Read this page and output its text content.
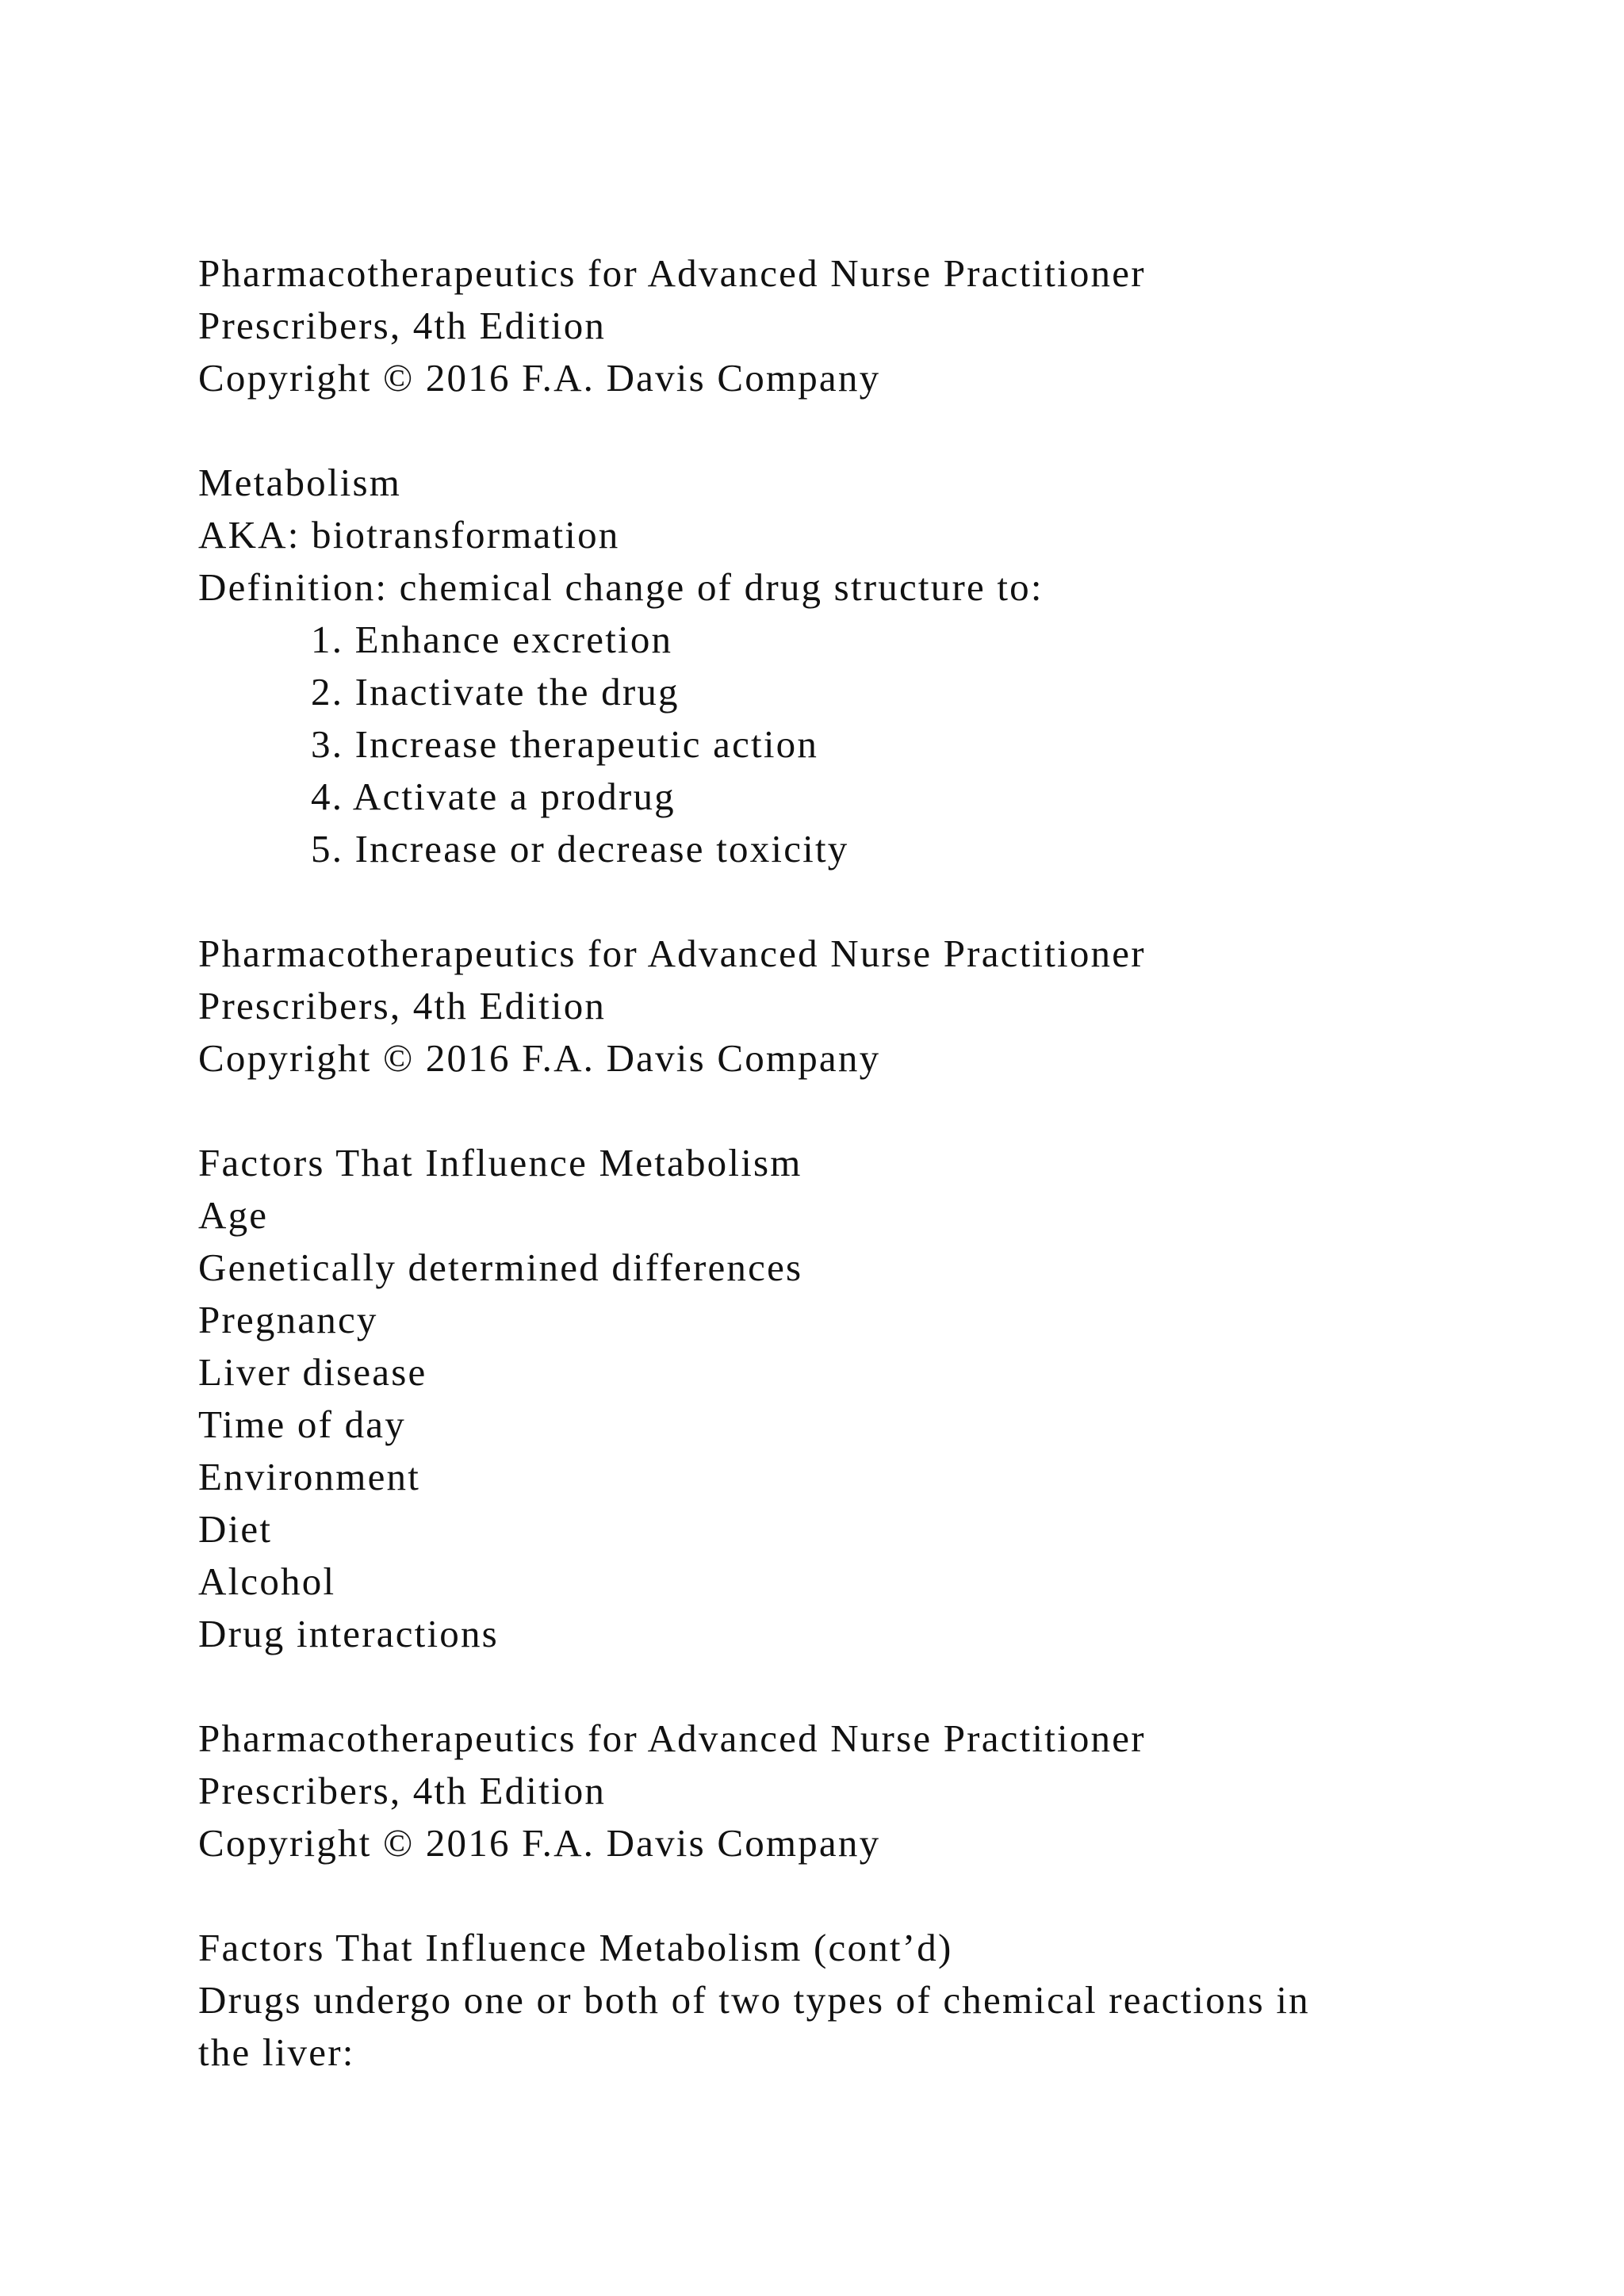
Pharmacotherapeutics for Advanced Nurse Practitioner
Prescribers, 4th Edition
Copyright © 2016 F.A. Davis Company
Metabolism
AKA: biotransformation
Definition: chemical change of drug structure to:
1. Enhance excretion
2. Inactivate the drug
3. Increase therapeutic action
4. Activate a prodrug
5. Increase or decrease toxicity
Pharmacotherapeutics for Advanced Nurse Practitioner
Prescribers, 4th Edition
Copyright © 2016 F.A. Davis Company
Factors That Influence Metabolism
Age
Genetically determined differences
Pregnancy
Liver disease
Time of day
Environment
Diet
Alcohol
Drug interactions
Pharmacotherapeutics for Advanced Nurse Practitioner
Prescribers, 4th Edition
Copyright © 2016 F.A. Davis Company
Factors That Influence Metabolism (cont’d)
Drugs undergo one or both of two types of chemical reactions in
the liver:
